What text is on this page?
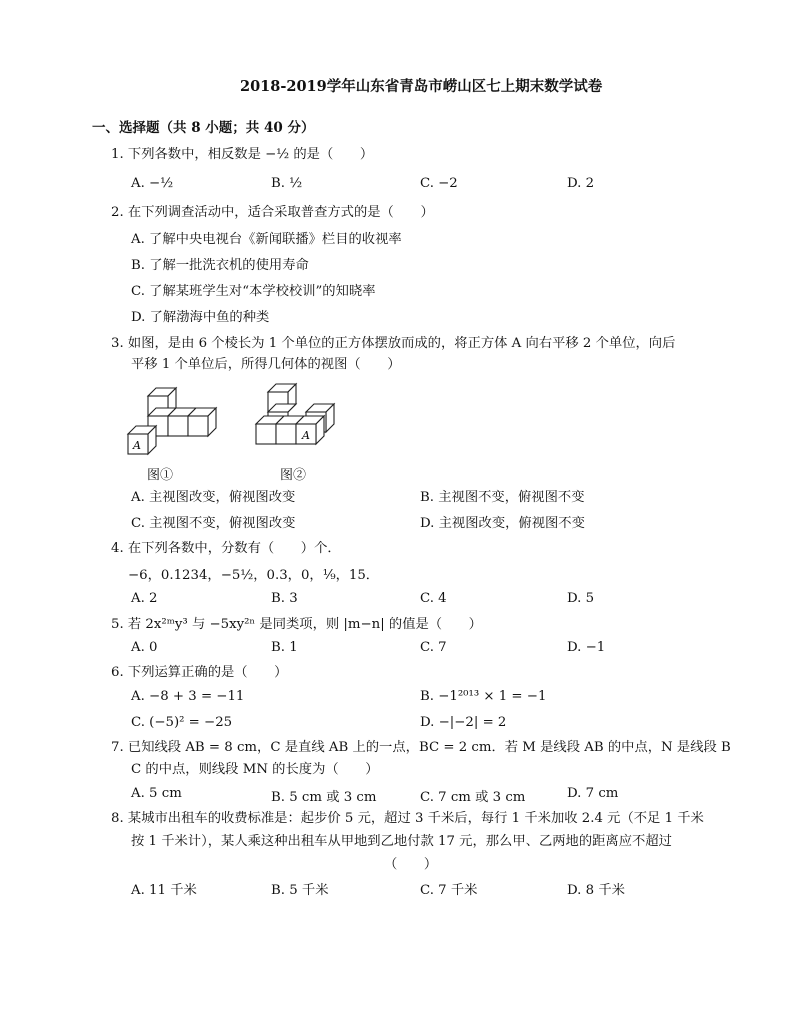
2018-2019学年山东省青岛市崂山区七上期末数学试卷
一、选择题（共 8 小题；共 40 分）
1. 下列各数中，相反数是 −½ 的是（　　）
A. −½	B. ½	C. −2	D. 2
2. 在下列调查活动中，适合采取普查方式的是（　　）
A. 了解中央电视台《新闻联播》栏目的收视率
B. 了解一批洗衣机的使用寿命
C. 了解某班学生对“本学校校训”的知晓率
D. 了解渤海中鱼的种类
3. 如图，是由 6 个棱长为 1 个单位的正方体摆放而成的，将正方体 A 向右平移 2 个单位，向后
平移 1 个单位后，所得几何体的视图（　　）
A
图①
A
图②
A. 主视图改变，俯视图改变	B. 主视图不变，俯视图不变
C. 主视图不变，俯视图改变	D. 主视图改变，俯视图不变
4. 在下列各数中，分数有（　　）个．
−6，0.1234，−5½，0.3，0，⅑，15．
A. 2	B. 3	C. 4	D. 5
5. 若 2x²ᵐy³ 与 −5xy²ⁿ 是同类项，则 |m−n| 的值是（　　）
A. 0	B. 1	C. 7	D. −1
6. 下列运算正确的是（　　）
A. −8 + 3 = −11	B. −1²⁰¹³ × 1 = −1
C. (−5)² = −25	D. −|−2| = 2
7. 已知线段 AB = 8 cm，C 是直线 AB 上的一点，BC = 2 cm．若 M 是线段 AB 的中点，N 是线段 B
C 的中点，则线段 MN 的长度为（　　）
A. 5 cm	B. 5 cm 或 3 cm	C. 7 cm 或 3 cm	D. 7 cm
8. 某城市出租车的收费标准是：起步价 5 元，超过 3 千米后，每行 1 千米加收 2.4 元（不足 1 千米
按 1 千米计），某人乘这种出租车从甲地到乙地付款 17 元，那么甲、乙两地的距离应不超过
（　　）
A. 11 千米	B. 5 千米	C. 7 千米	D. 8 千米
